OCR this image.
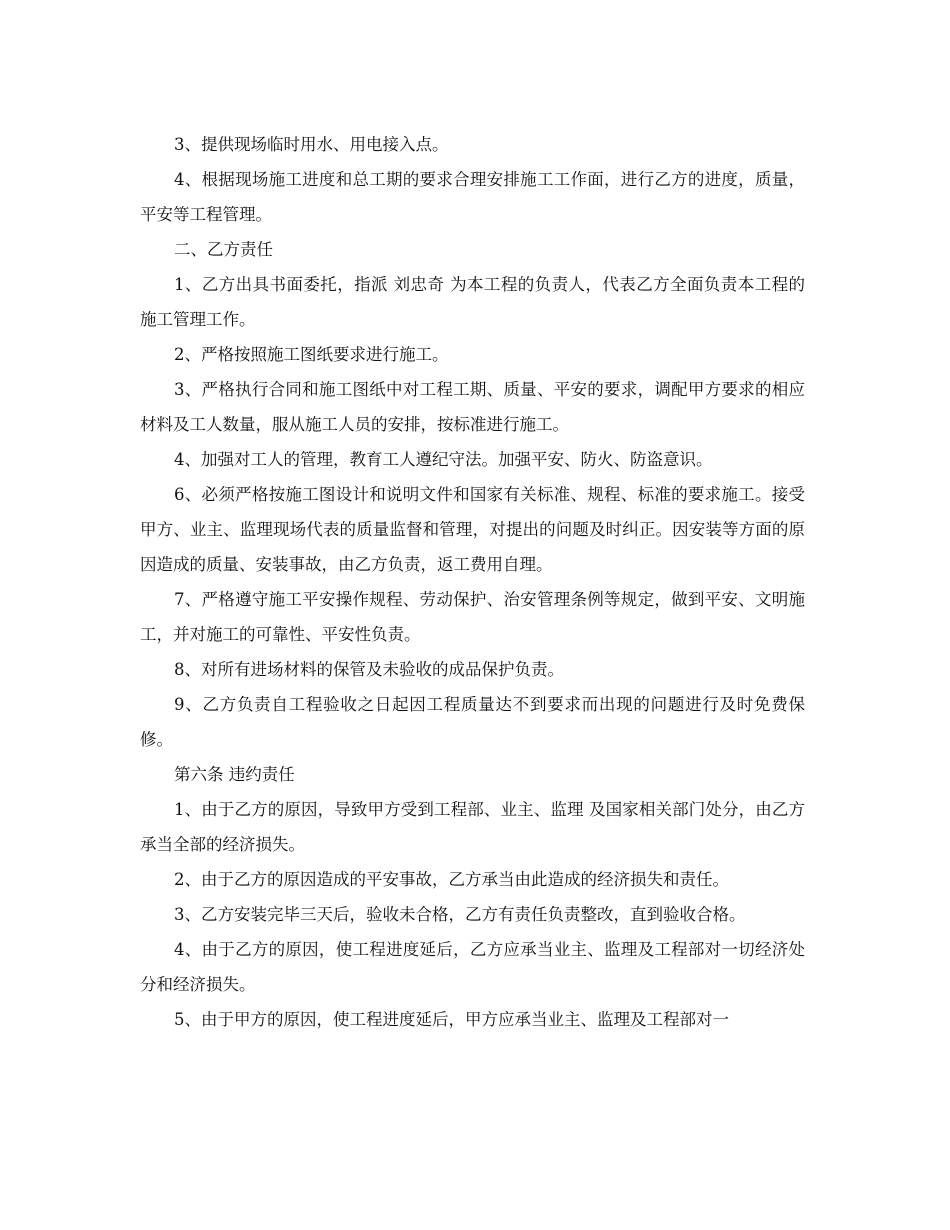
3、提供现场临时用水、用电接入点。

4、根据现场施工进度和总工期的要求合理安排施工工作面，进行乙方的进度，质量，平安等工程管理。

二、乙方责任

1、乙方出具书面委托，指派 刘忠奇 为本工程的负责人，代表乙方全面负责本工程的施工管理工作。

2、严格按照施工图纸要求进行施工。

3、严格执行合同和施工图纸中对工程工期、质量、平安的要求，调配甲方要求的相应材料及工人数量，服从施工人员的安排，按标准进行施工。

4、加强对工人的管理，教育工人遵纪守法。加强平安、防火、防盗意识。

6、必须严格按施工图设计和说明文件和国家有关标准、规程、标准的要求施工。接受甲方、业主、监理现场代表的质量监督和管理，对提出的问题及时纠正。因安装等方面的原因造成的质量、安装事故，由乙方负责，返工费用自理。

7、严格遵守施工平安操作规程、劳动保护、治安管理条例等规定，做到平安、文明施工，并对施工的可靠性、平安性负责。

8、对所有进场材料的保管及未验收的成品保护负责。

9、乙方负责自工程验收之日起因工程质量达不到要求而出现的问题进行及时免费保修。

第六条 违约责任

1、由于乙方的原因，导致甲方受到工程部、业主、监理 及国家相关部门处分，由乙方承当全部的经济损失。

2、由于乙方的原因造成的平安事故，乙方承当由此造成的经济损失和责任。

3、乙方安装完毕三天后，验收未合格，乙方有责任负责整改，直到验收合格。

4、由于乙方的原因，使工程进度延后，乙方应承当业主、监理及工程部对一切经济处分和经济损失。

5、由于甲方的原因，使工程进度延后，甲方应承当业主、监理及工程部对一
